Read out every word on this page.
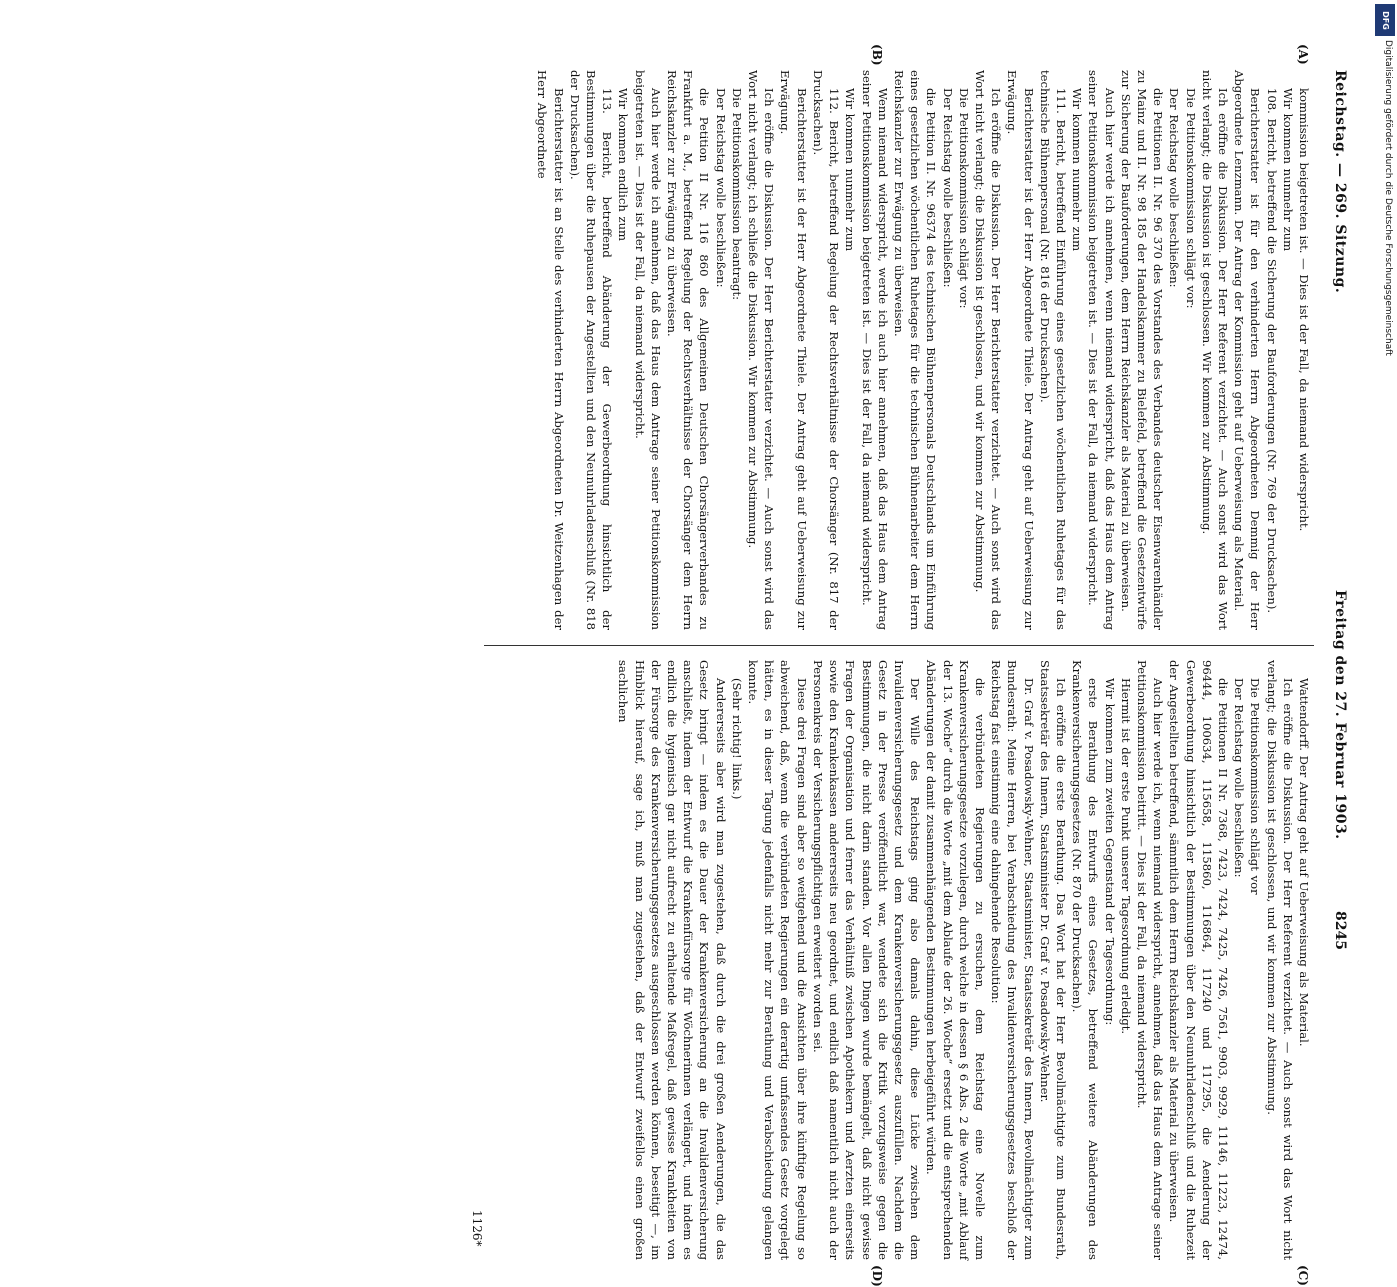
Reichstag. — 269. Sitzung.
Freitag den 27. Februar 1903.
8245

kommission beigetreten ist. — Dies ist der Fall, da niemand widerspricht.

Wir kommen nunmehr zum

108. Bericht, betreffend die Sicherung der Bauforderungen (Nr. 769 der Drucksachen).

Berichterstatter ist für den verhinderten Herrn Abgeordneten Demmig der Herr Abgeordnete Lenzmann. Der Antrag der Kommission geht auf Ueberweisung als Material.

Ich eröffne die Diskussion. Der Herr Referent verzichtet. — Auch sonst wird das Wort nicht verlangt; die Diskussion ist geschlossen. Wir kommen zur Abstimmung.

Die Petitionskommission schlägt vor:

Der Reichstag wolle beschließen:

die Petitionen II. Nr. 96 370 des Vorstandes des Verbandes deutscher Eisenwarenhändler zu Mainz und II. Nr. 98 185 der Handelskammer zu Bielefeld, betreffend die Gesetzentwürfe zur Sicherung der Bauforderungen, dem Herrn Reichskanzler als Material zu überweisen.

Auch hier werde ich annehmen, wenn niemand widerspricht, daß das Haus dem Antrag seiner Petitionskommission beigetreten ist. — Dies ist der Fall, da niemand widerspricht.

Wir kommen nunmehr zum

111. Bericht, betreffend Einführung eines gesetzlichen wöchentlichen Ruhetages für das technische Bühnenpersonal (Nr. 816 der Drucksachen).

Berichterstatter ist der Herr Abgeordnete Thiele. Der Antrag geht auf Ueberweisung zur Erwägung.

Ich eröffne die Diskussion. Der Herr Berichterstatter verzichtet. — Auch sonst wird das Wort nicht verlangt; die Diskussion ist geschlossen, und wir kommen zur Abstimmung.

Die Petitionskommission schlägt vor:

Der Reichstag wolle beschließen:

die Petition II. Nr. 96374 des technischen Bühnenpersonals Deutschlands um Einführung eines gesetzlichen wöchentlichen Ruhetages für die technischen Bühnenarbeiter dem Herrn Reichskanzler zur Erwägung zu überweisen.

Wenn niemand widerspricht, werde ich auch hier annehmen, daß das Haus dem Antrag seiner Petitionskommission beigetreten ist. — Dies ist der Fall, da niemand widerspricht.

Wir kommen nunmehr zum

112. Bericht, betreffend Regelung der Rechtsverhältnisse der Chorsänger (Nr. 817 der Drucksachen).

Berichterstatter ist der Herr Abgeordnete Thiele. Der Antrag geht auf Ueberweisung zur Erwägung.

Ich eröffne die Diskussion. Der Herr Berichterstatter verzichtet. — Auch sonst wird das Wort nicht verlangt; ich schließe die Diskussion. Wir kommen zur Abstimmung.

Die Petitionskommission beantragt:

Der Reichstag wolle beschließen:

die Petition II Nr. 116 860 des Allgemeinen Deutschen Chorsängerverbandes zu Frankfurt a. M., betreffend Regelung der Rechtsverhältnisse der Chorsänger dem Herrn Reichskanzler zur Erwägung zu überweisen.

Auch hier werde ich annehmen, daß das Haus dem Antrage seiner Petitionskommission beigetreten ist. — Dies ist der Fall, da niemand widerspricht.

Wir kommen endlich zum

113. Bericht, betreffend Abänderung der Gewerbeordnung hinsichtlich der Bestimmungen über die Ruhepausen der Angestellten und den Neunuhrladenschluß (Nr. 818 der Drucksachen).

Berichterstatter ist an Stelle des verhinderten Herrn Abgeordneten Dr. Weitzenhagen der Herr Abgeordnete

Wattendorff. Der Antrag geht auf Ueberweisung als Material.

Ich eröffne die Diskussion. Der Herr Referent verzichtet. — Auch sonst wird das Wort nicht verlangt; die Diskussion ist geschlossen, und wir kommen zur Abstimmung.

Die Petitionskommission schlägt vor

Der Reichstag wolle beschließen:

die Petitionen II Nr. 7368, 7423, 7424, 7425, 7426, 7561, 9903, 9929, 11146, 11223, 12474, 96444, 100634, 115658, 115860, 116864, 117240 und 117295, die Aenderung der Gewerbeordnung hinsichtlich der Bestimmungen über den Neunuhrladenschluß und die Ruhezeit der Angestellten betreffend, sämmtlich dem Herrn Reichskanzler als Material zu überweisen.

Auch hier werde ich, wenn niemand widerspricht, annehmen, daß das Haus dem Antrage seiner Petitionskommission beitritt. — Dies ist der Fall, da niemand widerspricht.

Hiermit ist der erste Punkt unserer Tagesordnung erledigt.

Wir kommen zum zweiten Gegenstand der Tagesordnung:

erste Berathung des Entwurfs eines Gesetzes, betreffend weitere Abänderungen des Krankenversicherungsgesetzes (Nr. 870 der Drucksachen).

Ich eröffne die erste Berathung. Das Wort hat der Herr Bevollmächtigte zum Bundesrath, Staatssekretär des Innern, Staatsminister Dr. Graf v. Posadowsky-Wehner.

Dr. Graf v. Posadowsky-Wehner, Staatsminister, Staatssekretär des Innern, Bevollmächtigter zum Bundesrath: Meine Herren, bei Verabschiedung des Invalidenversicherungsgesetzes beschloß der Reichstag fast einstimmig eine dahingehende Resolution:

die verbündeten Regierungen zu ersuchen, dem Reichstag eine Novelle zum Krankenversicherungsgesetze vorzulegen, durch welche in dessen § 6 Abs. 2 die Worte „mit Ablauf der 13. Woche“ durch die Worte „mit dem Ablaufe der 26. Woche“ ersetzt und die entsprechenden Abänderungen der damit zusammenhängenden Bestimmungen herbeigeführt würden.

Der Wille des Reichstags ging also damals dahin, diese Lücke zwischen dem Invalidenversicherungsgesetz und dem Krankenversicherungsgesetz auszufüllen. Nachdem die Gesetz in der Presse veröffentlicht war, wendete sich die Kritik vorzugsweise gegen die Bestimmungen, die nicht darin standen. Vor allen Dingen wurde bemängelt, daß nicht gewisse Fragen der Organisation und ferner das Verhältniß zwischen Apothekern und Aerzten einerseits sowie den Krankenkassen andererseits neu geordnet, und endlich daß namentlich nicht auch der Personenkreis der Versicherungspflichtigen erweitert worden sei.

Diese drei Fragen sind aber so weitgehend und die Ansichten über ihre künftige Regelung so abweichend, daß, wenn die verbündeten Regierungen ein derartig umfassendes Gesetz vorgelegt hätten, es in dieser Tagung jedenfalls nicht mehr zur Berathung und Verabschiedung gelangen konnte.

(Sehr richtig! links.)

Andererseits aber wird man zugestehen, daß durch die drei großen Aenderungen, die das Gesetz bringt — indem es die Dauer der Krankenversicherung an die Invalidenversicherung anschließt, indem der Entwurf die Krankenfürsorge für Wöchnerinnen verlängert, und indem es endlich die hygienisch gar nicht aufrecht zu erhaltende Maßregel, daß gewisse Krankheiten von der Fürsorge des Krankenversicherungsgesetzes ausgeschlossen werden können, beseitigt —, im Hinblick hierauf, sage ich, muß man zugestehen, daß der Entwurf zweifellos einen großen sachlichen

(A)
(B)
(C)
(D)
1126*
DFG
Digitalisierung gefördert durch die Deutsche Forschungsgemeinschaft
